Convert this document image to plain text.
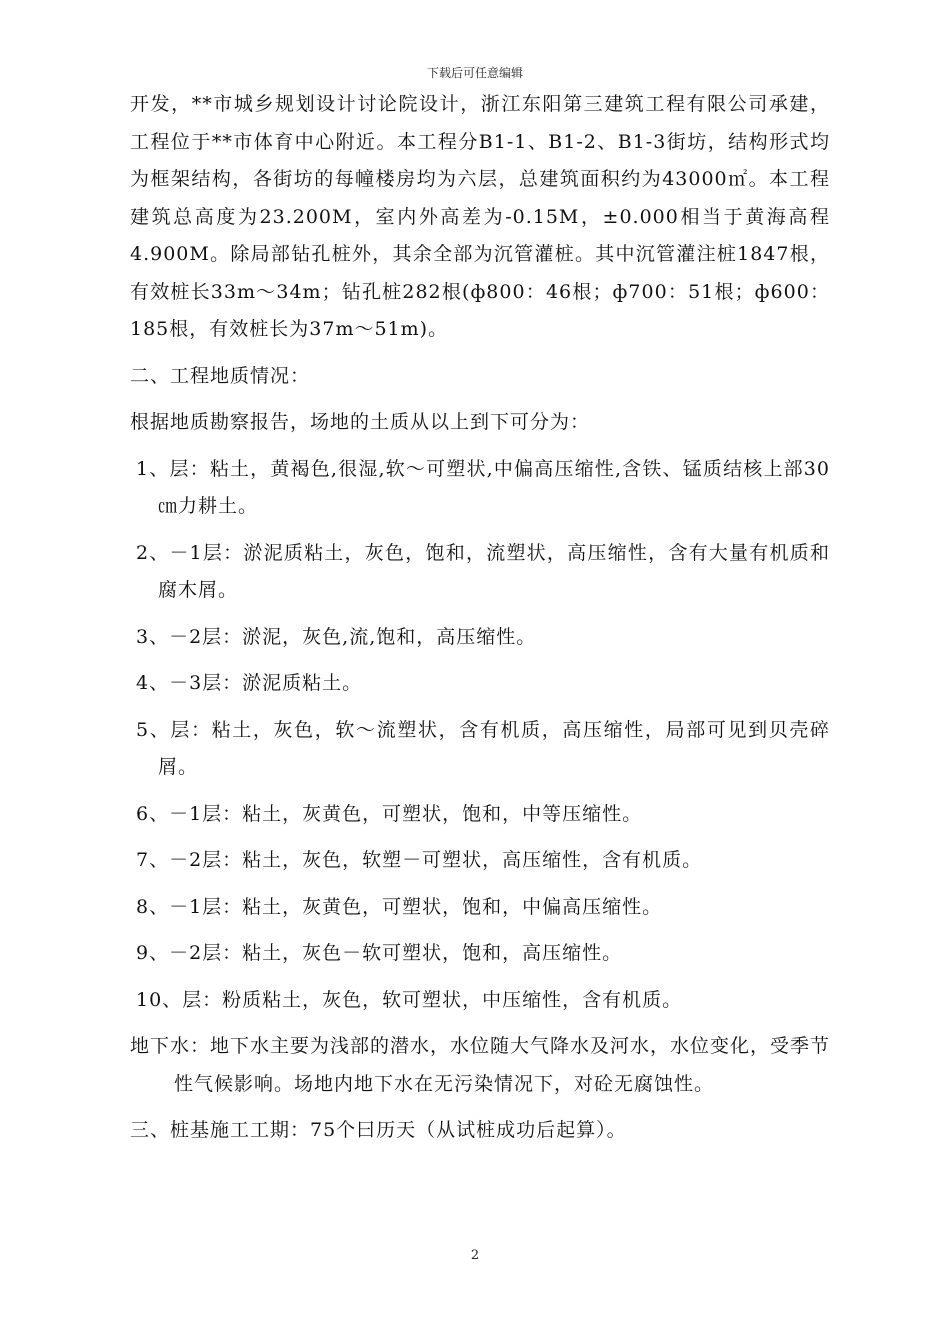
下载后可任意编辑

开发，**市城乡规划设计讨论院设计，浙江东阳第三建筑工程有限公司承建，工程位于**市体育中心附近。本工程分B1-1、B1-2、B1-3街坊，结构形式均为框架结构，各街坊的每幢楼房均为六层，总建筑面积约为43000㎡。本工程建筑总高度为23.200M，室内外高差为-0.15M，±0.000相当于黄海高程4.900M。除局部钻孔桩外，其余全部为沉管灌桩。其中沉管灌注桩1847根，有效桩长33m～34m；钻孔桩282根(ф800：46根；ф700：51根；ф600：185根，有效桩长为37m～51m)。

二、工程地质情况：

根据地质勘察报告，场地的土质从以上到下可分为：

1、层：粘土，黄褐色,很湿,软～可塑状,中偏高压缩性,含铁、锰质结核上部30㎝力耕土。

2、－1层：淤泥质粘土，灰色，饱和，流塑状，高压缩性，含有大量有机质和腐木屑。

3、－2层：淤泥，灰色,流,饱和，高压缩性。

4、－3层：淤泥质粘土。

5、层：粘土，灰色，软～流塑状，含有机质，高压缩性，局部可见到贝壳碎屑。

6、－1层：粘土，灰黄色，可塑状，饱和，中等压缩性。

7、－2层：粘土，灰色，软塑－可塑状，高压缩性，含有机质。

8、－1层：粘土，灰黄色，可塑状，饱和，中偏高压缩性。

9、－2层：粘土，灰色－软可塑状，饱和，高压缩性。

10、层：粉质粘土，灰色，软可塑状，中压缩性，含有机质。

地下水：地下水主要为浅部的潜水，水位随大气降水及河水，水位变化，受季节性气候影响。场地内地下水在无污染情况下，对砼无腐蚀性。

三、桩基施工工期：75个曰历天（从试桩成功后起算）。

2
